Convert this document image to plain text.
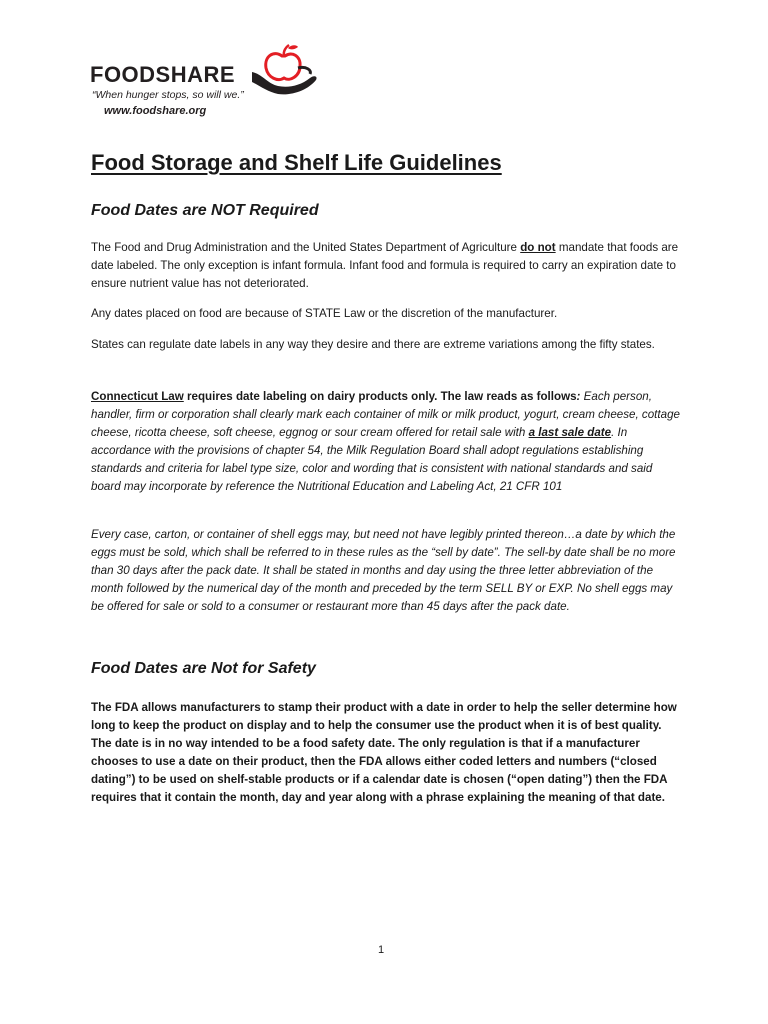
FOODSHARE
“When hunger stops, so will we.”
www.foodshare.org
Food Storage and Shelf Life Guidelines
Food Dates are NOT Required

The Food and Drug Administration and the United States Department of Agriculture do not mandate that foods are date labeled. The only exception is infant formula. Infant food and formula is required to carry an expiration date to ensure nutrient value has not deteriorated.

Any dates placed on food are because of STATE Law or the discretion of the manufacturer.

States can regulate date labels in any way they desire and there are extreme variations among the fifty states.

Connecticut Law requires date labeling on dairy products only. The law reads as follows: Each person, handler, firm or corporation shall clearly mark each container of milk or milk product, yogurt, cream cheese, cottage cheese, ricotta cheese, soft cheese, eggnog or sour cream offered for retail sale with a last sale date. In accordance with the provisions of chapter 54, the Milk Regulation Board shall adopt regulations establishing standards and criteria for label type size, color and wording that is consistent with national standards and said board may incorporate by reference the Nutritional Education and Labeling Act, 21 CFR 101

Every case, carton, or container of shell eggs may, but need not have legibly printed thereon…a date by which the eggs must be sold, which shall be referred to in these rules as the “sell by date”. The sell-by date shall be no more than 30 days after the pack date. It shall be stated in months and day using the three letter abbreviation of the month followed by the numerical day of the month and preceded by the term SELL BY or EXP. No shell eggs may be offered for sale or sold to a consumer or restaurant more than 45 days after the pack date.

Food Dates are Not for Safety

The FDA allows manufacturers to stamp their product with a date in order to help the seller determine how long to keep the product on display and to help the consumer use the product when it is of best quality. The date is in no way intended to be a food safety date. The only regulation is that if a manufacturer chooses to use a date on their product, then the FDA allows either coded letters and numbers (“closed dating”) to be used on shelf-stable products or if a calendar date is chosen (“open dating”) then the FDA requires that it contain the month, day and year along with a phrase explaining the meaning of that date.

1
